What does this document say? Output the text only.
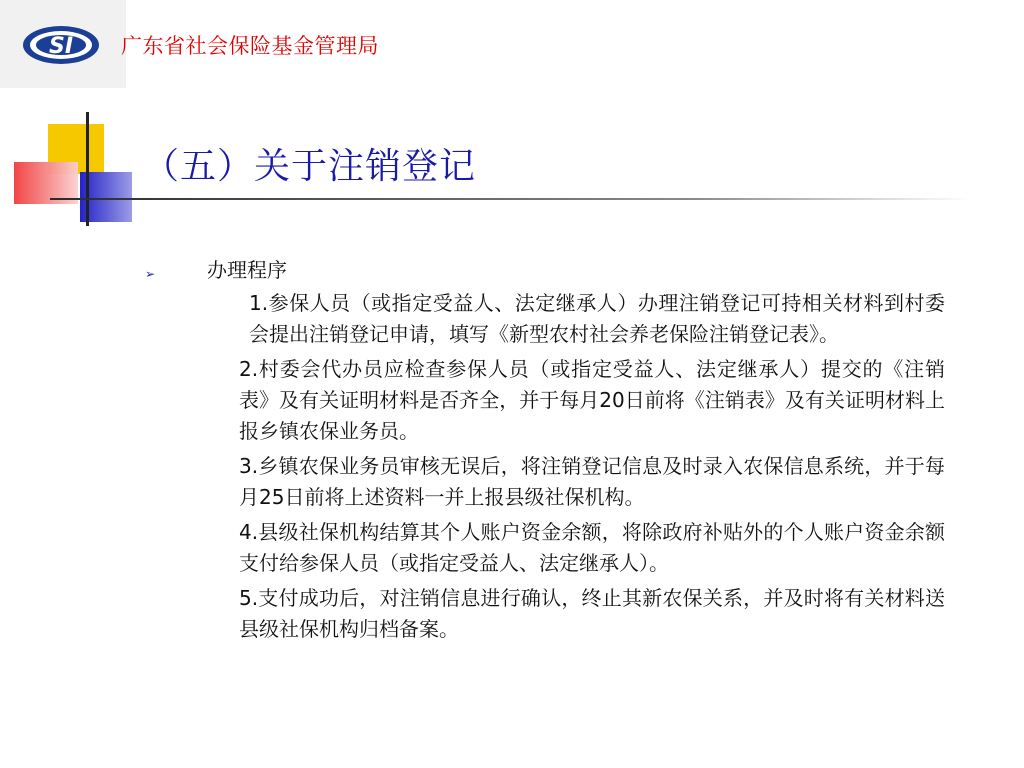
SI 广东省社会保险基金管理局
（五）关于注销登记
➢	办理程序

1.参保人员（或指定受益人、法定继承人）办理注销登记可持相关材料到村委会提出注销登记申请，填写《新型农村社会养老保险注销登记表》。

2.村委会代办员应检查参保人员（或指定受益人、法定继承人）提交的《注销表》及有关证明材料是否齐全，并于每月20日前将《注销表》及有关证明材料上报乡镇农保业务员。

3.乡镇农保业务员审核无误后，将注销登记信息及时录入农保信息系统，并于每月25日前将上述资料一并上报县级社保机构。

4.县级社保机构结算其个人账户资金余额，将除政府补贴外的个人账户资金余额支付给参保人员（或指定受益人、法定继承人）。

5.支付成功后，对注销信息进行确认，终止其新农保关系，并及时将有关材料送县级社保机构归档备案。
